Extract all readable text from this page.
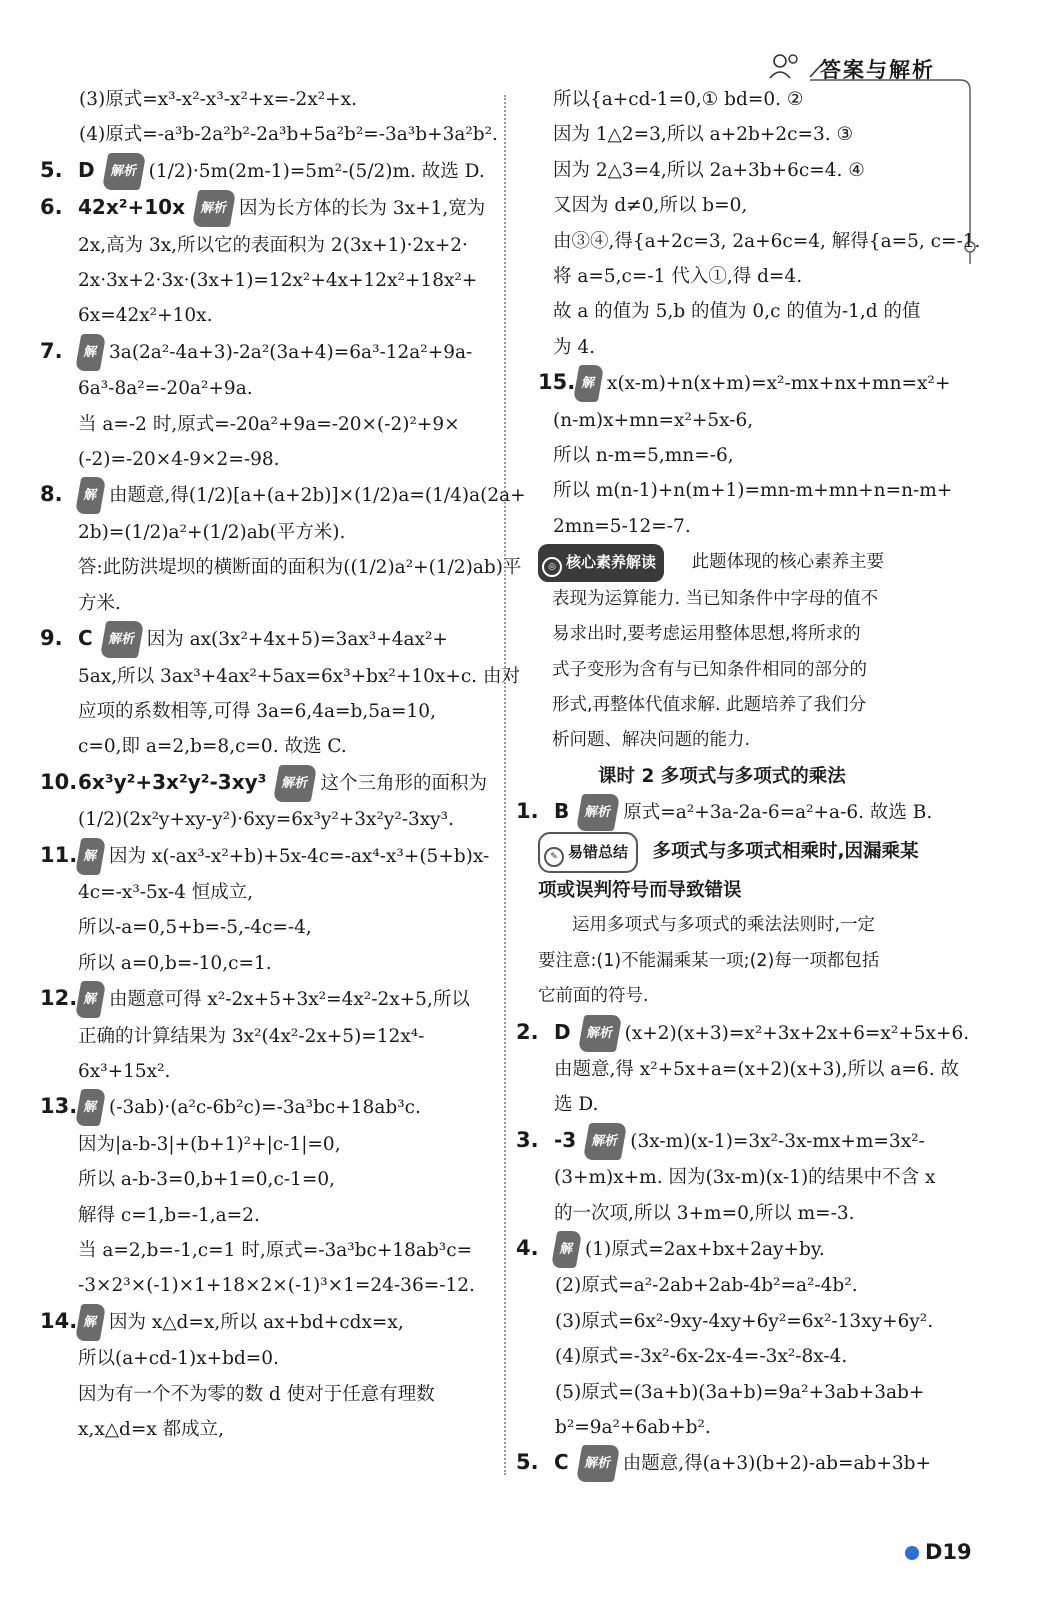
答案与解析
(3)原式=x³-x²-x³-x²+x=-2x²+x.
(4)原式=-a³b-2a²b²-2a³b+5a²b²=-3a³b+3a²b².
5. D 解析 (1/2)·5m(2m-1)=5m²-(5/2)m. 故选 D.
6. 42x²+10x 解析 因为长方体的长为 3x+1,宽为
2x,高为 3x,所以它的表面积为 2(3x+1)·2x+2·
2x·3x+2·3x·(3x+1)=12x²+4x+12x²+18x²+
6x=42x²+10x.
7. 解 3a(2a²-4a+3)-2a²(3a+4)=6a³-12a²+9a-
6a³-8a²=-20a²+9a.
当 a=-2 时,原式=-20a²+9a=-20×(-2)²+9×
(-2)=-20×4-9×2=-98.
8. 解 由题意,得(1/2)[a+(a+2b)]×(1/2)a=(1/4)a(2a+
2b)=(1/2)a²+(1/2)ab(平方米).
答:此防洪堤坝的横断面的面积为((1/2)a²+(1/2)ab)平
方米.
9. C 解析 因为 ax(3x²+4x+5)=3ax³+4ax²+
5ax,所以 3ax³+4ax²+5ax=6x³+bx²+10x+c. 由对
应项的系数相等,可得 3a=6,4a=b,5a=10,
c=0,即 a=2,b=8,c=0. 故选 C.
10.6x³y²+3x²y²-3xy³ 解析 这个三角形的面积为
(1/2)(2x²y+xy-y²)·6xy=6x³y²+3x²y²-3xy³.
11. 解 因为 x(-ax³-x²+b)+5x-4c=-ax⁴-x³+(5+b)x-
4c=-x³-5x-4 恒成立,
所以-a=0,5+b=-5,-4c=-4,
所以 a=0,b=-10,c=1.
12. 解 由题意可得 x²-2x+5+3x²=4x²-2x+5,所以
正确的计算结果为 3x²(4x²-2x+5)=12x⁴-
6x³+15x².
13. 解 (-3ab)·(a²c-6b²c)=-3a³bc+18ab³c.
因为|a-b-3|+(b+1)²+|c-1|=0,
所以 a-b-3=0,b+1=0,c-1=0,
解得 c=1,b=-1,a=2.
当 a=2,b=-1,c=1 时,原式=-3a³bc+18ab³c=
-3×2³×(-1)×1+18×2×(-1)³×1=24-36=-12.
14. 解 因为 x△d=x,所以 ax+bd+cdx=x,
所以(a+cd-1)x+bd=0.
因为有一个不为零的数 d 使对于任意有理数
x,x△d=x 都成立,
所以{a+cd-1=0,① bd=0. ②
因为 1△2=3,所以 a+2b+2c=3. ③
因为 2△3=4,所以 2a+3b+6c=4. ④
又因为 d≠0,所以 b=0,
由③④,得{a+2c=3, 2a+6c=4, 解得{a=5, c=-1.
将 a=5,c=-1 代入①,得 d=4.
故 a 的值为 5,b 的值为 0,c 的值为-1,d 的值
为 4.
15. 解 x(x-m)+n(x+m)=x²-mx+nx+mn=x²+
(n-m)x+mn=x²+5x-6,
所以 n-m=5,mn=-6,
所以 m(n-1)+n(m+1)=mn-m+mn+n=n-m+
2mn=5-12=-7.
◎ 核心素养解读 此题体现的核心素养主要
表现为运算能力. 当已知条件中字母的值不
易求出时,要考虑运用整体思想,将所求的
式子变形为含有与已知条件相同的部分的
形式,再整体代值求解. 此题培养了我们分
析问题、解决问题的能力.
课时 2 多项式与多项式的乘法
1. B 解析 原式=a²+3a-2a-6=a²+a-6. 故选 B.
✎ 易错总结 多项式与多项式相乘时,因漏乘某
项或误判符号而导致错误
运用多项式与多项式的乘法法则时,一定
要注意:(1)不能漏乘某一项;(2)每一项都包括
它前面的符号.
2. D 解析 (x+2)(x+3)=x²+3x+2x+6=x²+5x+6.
由题意,得 x²+5x+a=(x+2)(x+3),所以 a=6. 故
选 D.
3. -3 解析 (3x-m)(x-1)=3x²-3x-mx+m=3x²-
(3+m)x+m. 因为(3x-m)(x-1)的结果中不含 x
的一次项,所以 3+m=0,所以 m=-3.
4. 解 (1)原式=2ax+bx+2ay+by.
(2)原式=a²-2ab+2ab-4b²=a²-4b².
(3)原式=6x²-9xy-4xy+6y²=6x²-13xy+6y².
(4)原式=-3x²-6x-2x-4=-3x²-8x-4.
(5)原式=(3a+b)(3a+b)=9a²+3ab+3ab+
b²=9a²+6ab+b².
5. C 解析 由题意,得(a+3)(b+2)-ab=ab+3b+
D19
